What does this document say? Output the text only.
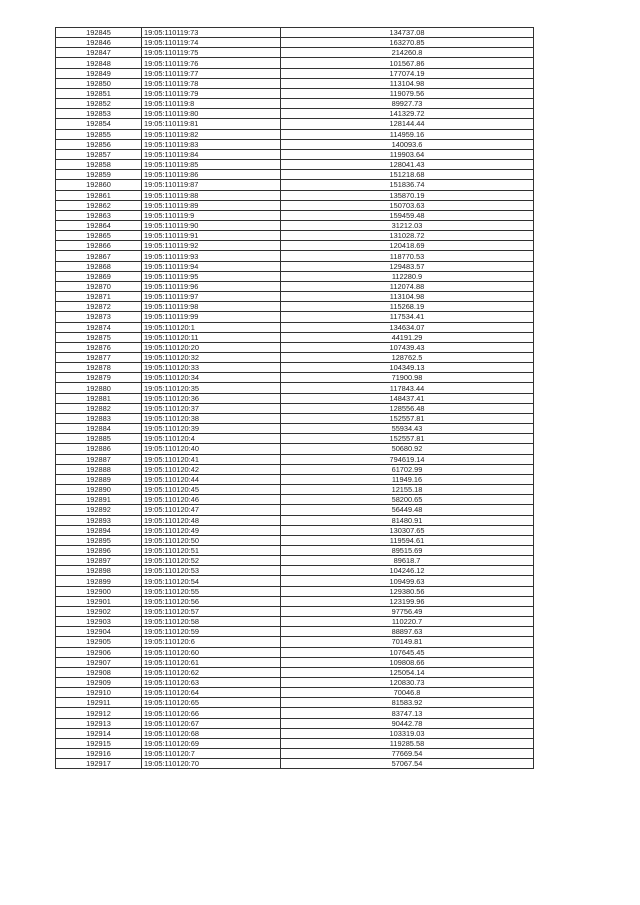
192845	19:05:110119:73	134737.08
192846	19:05:110119:74	163270.85
192847	19:05:110119:75	214260.8
192848	19:05:110119:76	101567.86
192849	19:05:110119:77	177074.19
192850	19:05:110119:78	113104.98
192851	19:05:110119:79	119079.56
192852	19:05:110119:8	89927.73
192853	19:05:110119:80	141329.72
192854	19:05:110119:81	128144.44
192855	19:05:110119:82	114959.16
192856	19:05:110119:83	140093.6
192857	19:05:110119:84	119903.64
192858	19:05:110119:85	128041.43
192859	19:05:110119:86	151218.68
192860	19:05:110119:87	151836.74
192861	19:05:110119:88	135870.19
192862	19:05:110119:89	150703.63
192863	19:05:110119:9	159459.48
192864	19:05:110119:90	31212.03
192865	19:05:110119:91	131028.72
192866	19:05:110119:92	120418.69
192867	19:05:110119:93	118770.53
192868	19:05:110119:94	129483.57
192869	19:05:110119:95	112280.9
192870	19:05:110119:96	112074.88
192871	19:05:110119:97	113104.98
192872	19:05:110119:98	115268.19
192873	19:05:110119:99	117534.41
192874	19:05:110120:1	134634.07
192875	19:05:110120:11	44191.29
192876	19:05:110120:20	107439.43
192877	19:05:110120:32	128762.5
192878	19:05:110120:33	104349.13
192879	19:05:110120:34	71900.98
192880	19:05:110120:35	117843.44
192881	19:05:110120:36	148437.41
192882	19:05:110120:37	128556.48
192883	19:05:110120:38	152557.81
192884	19:05:110120:39	55934.43
192885	19:05:110120:4	152557.81
192886	19:05:110120:40	50680.92
192887	19:05:110120:41	794619.14
192888	19:05:110120:42	61702.99
192889	19:05:110120:44	11949.16
192890	19:05:110120:45	12155.18
192891	19:05:110120:46	58200.65
192892	19:05:110120:47	56449.48
192893	19:05:110120:48	81480.91
192894	19:05:110120:49	130307.65
192895	19:05:110120:50	119594.61
192896	19:05:110120:51	89515.69
192897	19:05:110120:52	89618.7
192898	19:05:110120:53	104246.12
192899	19:05:110120:54	109499.63
192900	19:05:110120:55	129380.56
192901	19:05:110120:56	123199.96
192902	19:05:110120:57	97756.49
192903	19:05:110120:58	110220.7
192904	19:05:110120:59	88897.63
192905	19:05:110120:6	70149.81
192906	19:05:110120:60	107645.45
192907	19:05:110120:61	109808.66
192908	19:05:110120:62	125054.14
192909	19:05:110120:63	120830.73
192910	19:05:110120:64	70046.8
192911	19:05:110120:65	81583.92
192912	19:05:110120:66	83747.13
192913	19:05:110120:67	90442.78
192914	19:05:110120:68	103319.03
192915	19:05:110120:69	119285.58
192916	19:05:110120:7	77669.54
192917	19:05:110120:70	57067.54
